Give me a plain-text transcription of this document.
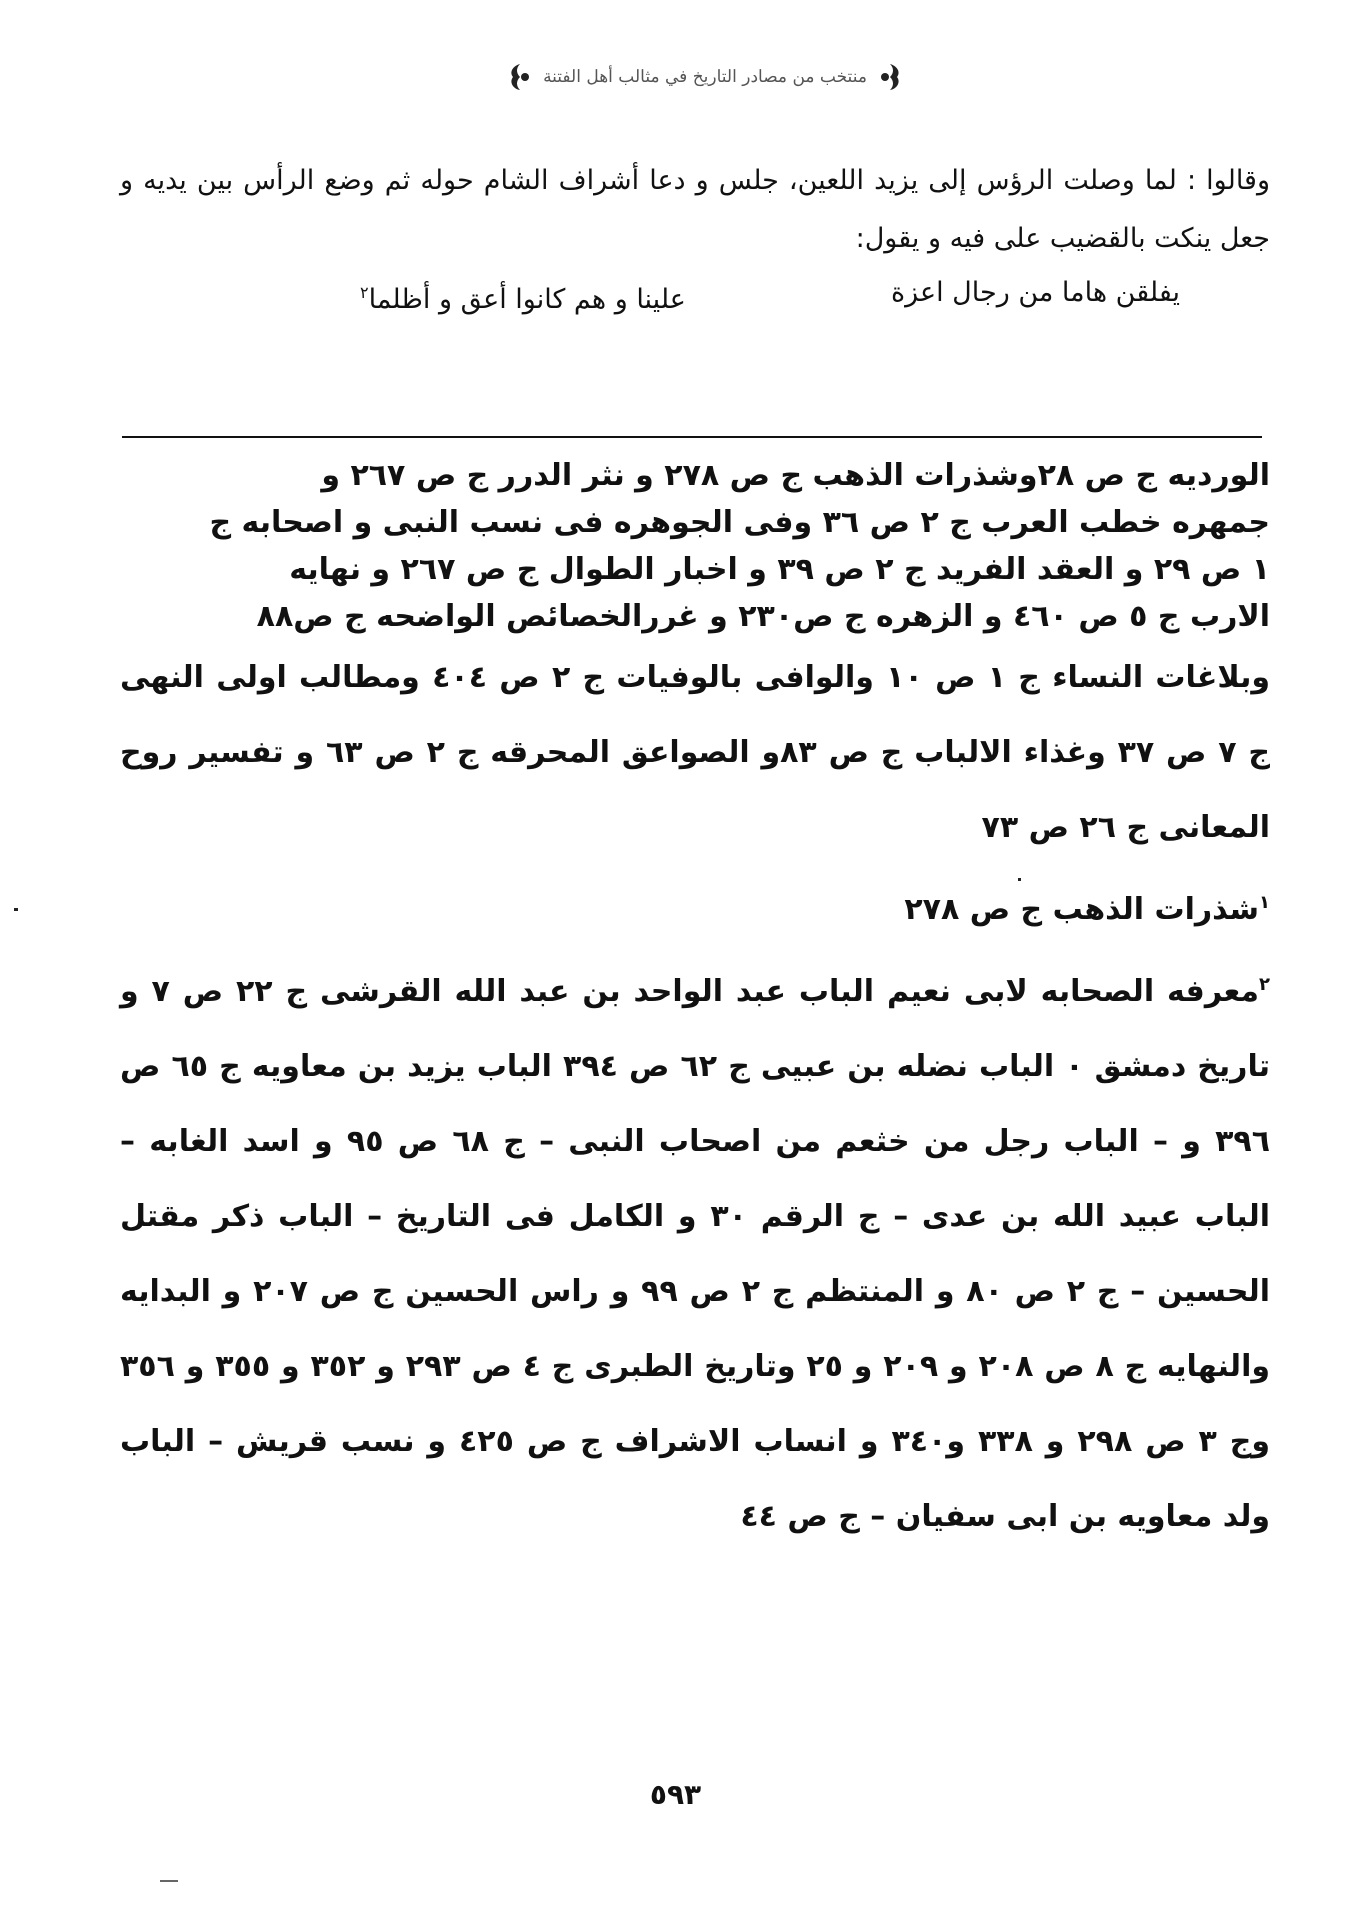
منتخب من مصادر التاريخ في مثالب أهل الفتنة
وقالوا : لما وصلت الرؤس إلى يزيد اللعين، جلس و دعا أشراف الشام حوله ثم وضع الرأس بين يديه و جعل ينكت بالقضيب على فيه و يقول:
يفلقن هاما من رجال اعزة
علينا و هم كانوا أعق و أظلما$^٢$

الورديه ج ص ٢٨وشذرات الذهب ج ص ٢٧٨ و نثر الدرر ج ص ٢٦٧ و

جمهره خطب العرب ج ٢ ص ٣٦ وفى الجوهره فى نسب النبى و اصحابه ج

١ ص ٢٩ و العقد الفريد ج ٢ ص ٣٩ و اخبار الطوال ج ص ٢٦٧ و نهايه

الارب ج ٥ ص ٤٦٠ و الزهره ج ص٢٣٠ و غررالخصائص الواضحه ج ص٨٨

وبلاغات النساء ج ١ ص ١٠ والوافى بالوفيات ج ٢ ص ٤٠٤ ومطالب اولى النهى ج ٧ ص ٣٧ وغذاء الالباب ج ص ٨٣و الصواعق المحرقه ج ٢ ص ٦٣ و تفسير روح المعانى ج ٢٦ ص ٧٣

$^١$شذرات الذهب ج ص ٢٧٨

$^٢$معرفه الصحابه لابى نعيم الباب عبد الواحد بن عبد الله القرشى ج ٢٢ ص ٧ و تاريخ دمشق ٠ الباب نضله بن عبيى ج ٦٢ ص ٣٩٤ الباب يزيد بن معاويه ج ٦٥ ص ٣٩٦ و – الباب رجل من خثعم من اصحاب النبى – ج ٦٨ ص ٩٥ و اسد الغابه – الباب عبيد الله بن عدى – ج الرقم ٣٠ و الكامل فى التاريخ – الباب ذكر مقتل الحسين – ج ٢ ص ٨٠ و المنتظم ج ٢ ص ٩٩ و راس الحسين ج ص ٢٠٧ و البدايه والنهايه ج ٨ ص ٢٠٨ و ٢٠٩ و ٢٥ وتاريخ الطبرى ج ٤ ص ٢٩٣ و ٣٥٢ و ٣٥٥ و ٣٥٦ وج ٣ ص ٢٩٨ و ٣٣٨ و٣٤٠ و انساب الاشراف ج ص ٤٢٥ و نسب قريش – الباب ولد معاويه بن ابى سفيان – ج ص ٤٤

٥٩٣
